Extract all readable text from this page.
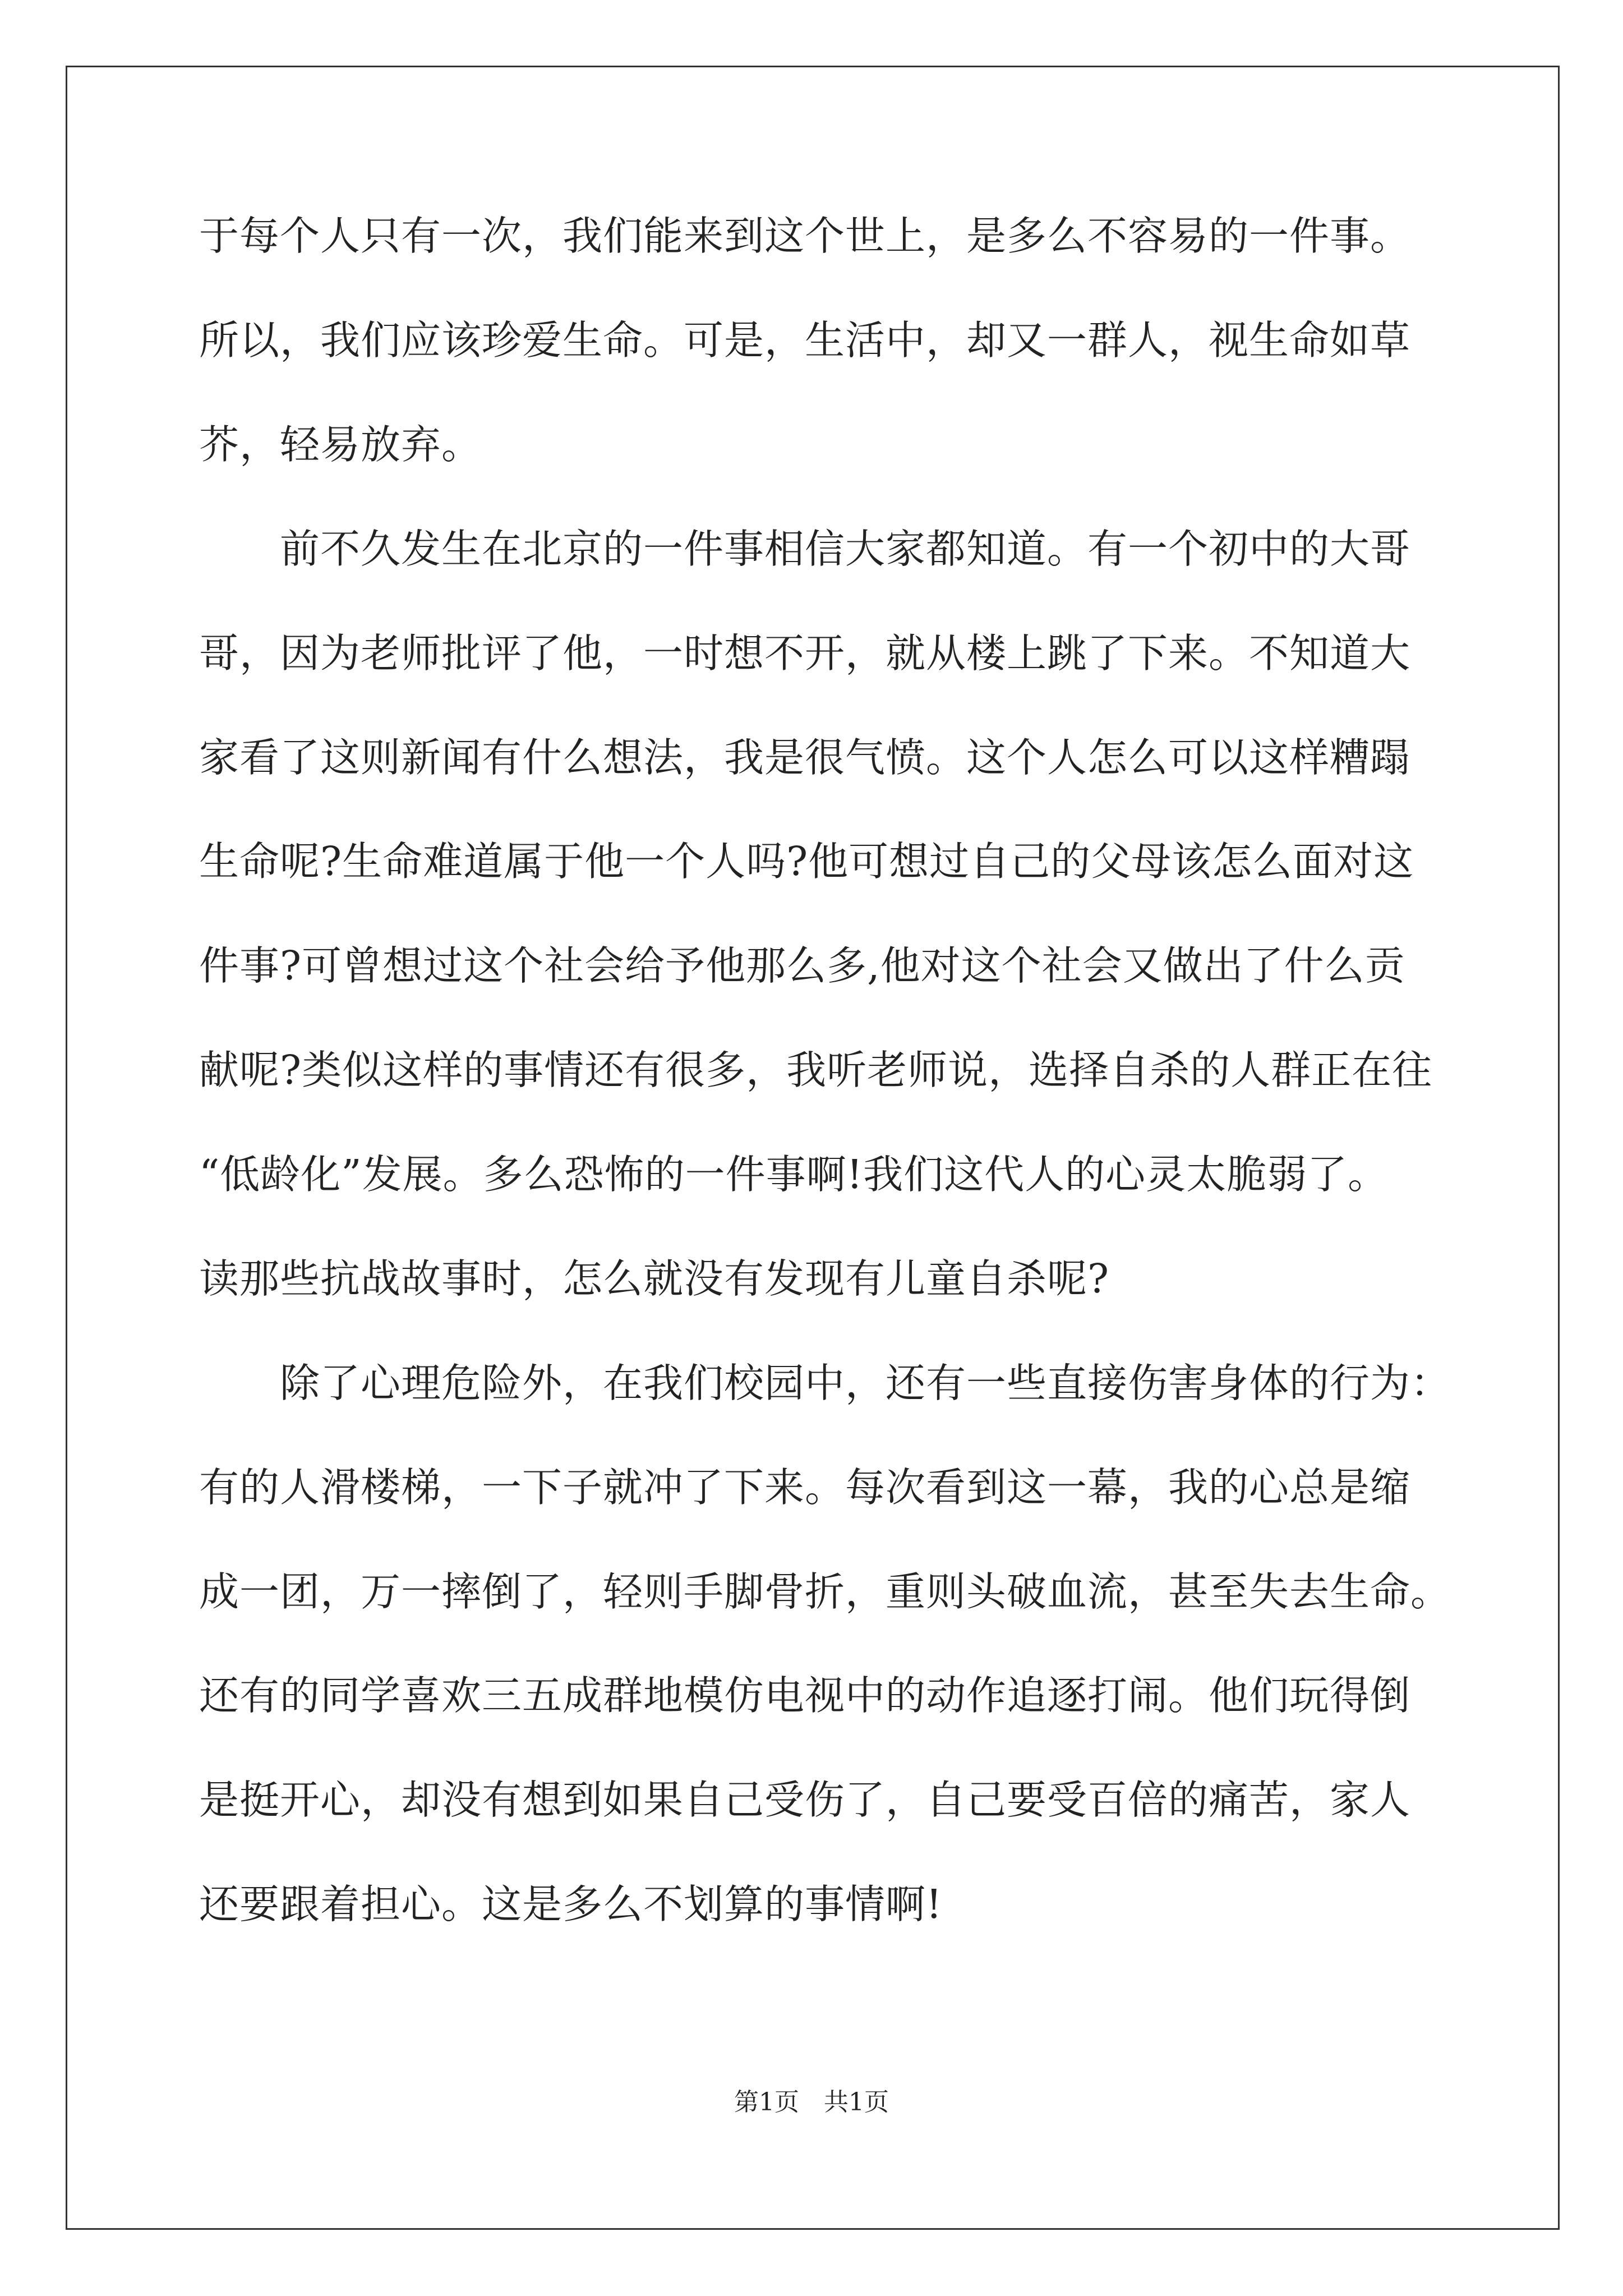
于每个人只有一次，我们能来到这个世上，是多么不容易的一件事。
所以，我们应该珍爱生命。可是，生活中，却又一群人，视生命如草
芥，轻易放弃。
　　前不久发生在北京的一件事相信大家都知道。有一个初中的大哥
哥，因为老师批评了他，一时想不开，就从楼上跳了下来。不知道大
家看了这则新闻有什么想法，我是很气愤。这个人怎么可以这样糟蹋
生命呢?生命难道属于他一个人吗?他可想过自己的父母该怎么面对这
件事?可曾想过这个社会给予他那么多,他对这个社会又做出了什么贡
献呢?类似这样的事情还有很多，我听老师说，选择自杀的人群正在往
“低龄化”发展。多么恐怖的一件事啊!我们这代人的心灵太脆弱了。
读那些抗战故事时，怎么就没有发现有儿童自杀呢?
　　除了心理危险外，在我们校园中，还有一些直接伤害身体的行为：
有的人滑楼梯，一下子就冲了下来。每次看到这一幕，我的心总是缩
成一团，万一摔倒了，轻则手脚骨折，重则头破血流，甚至失去生命。
还有的同学喜欢三五成群地模仿电视中的动作追逐打闹。他们玩得倒
是挺开心，却没有想到如果自己受伤了，自己要受百倍的痛苦，家人
还要跟着担心。这是多么不划算的事情啊!
第1页　 共1页
